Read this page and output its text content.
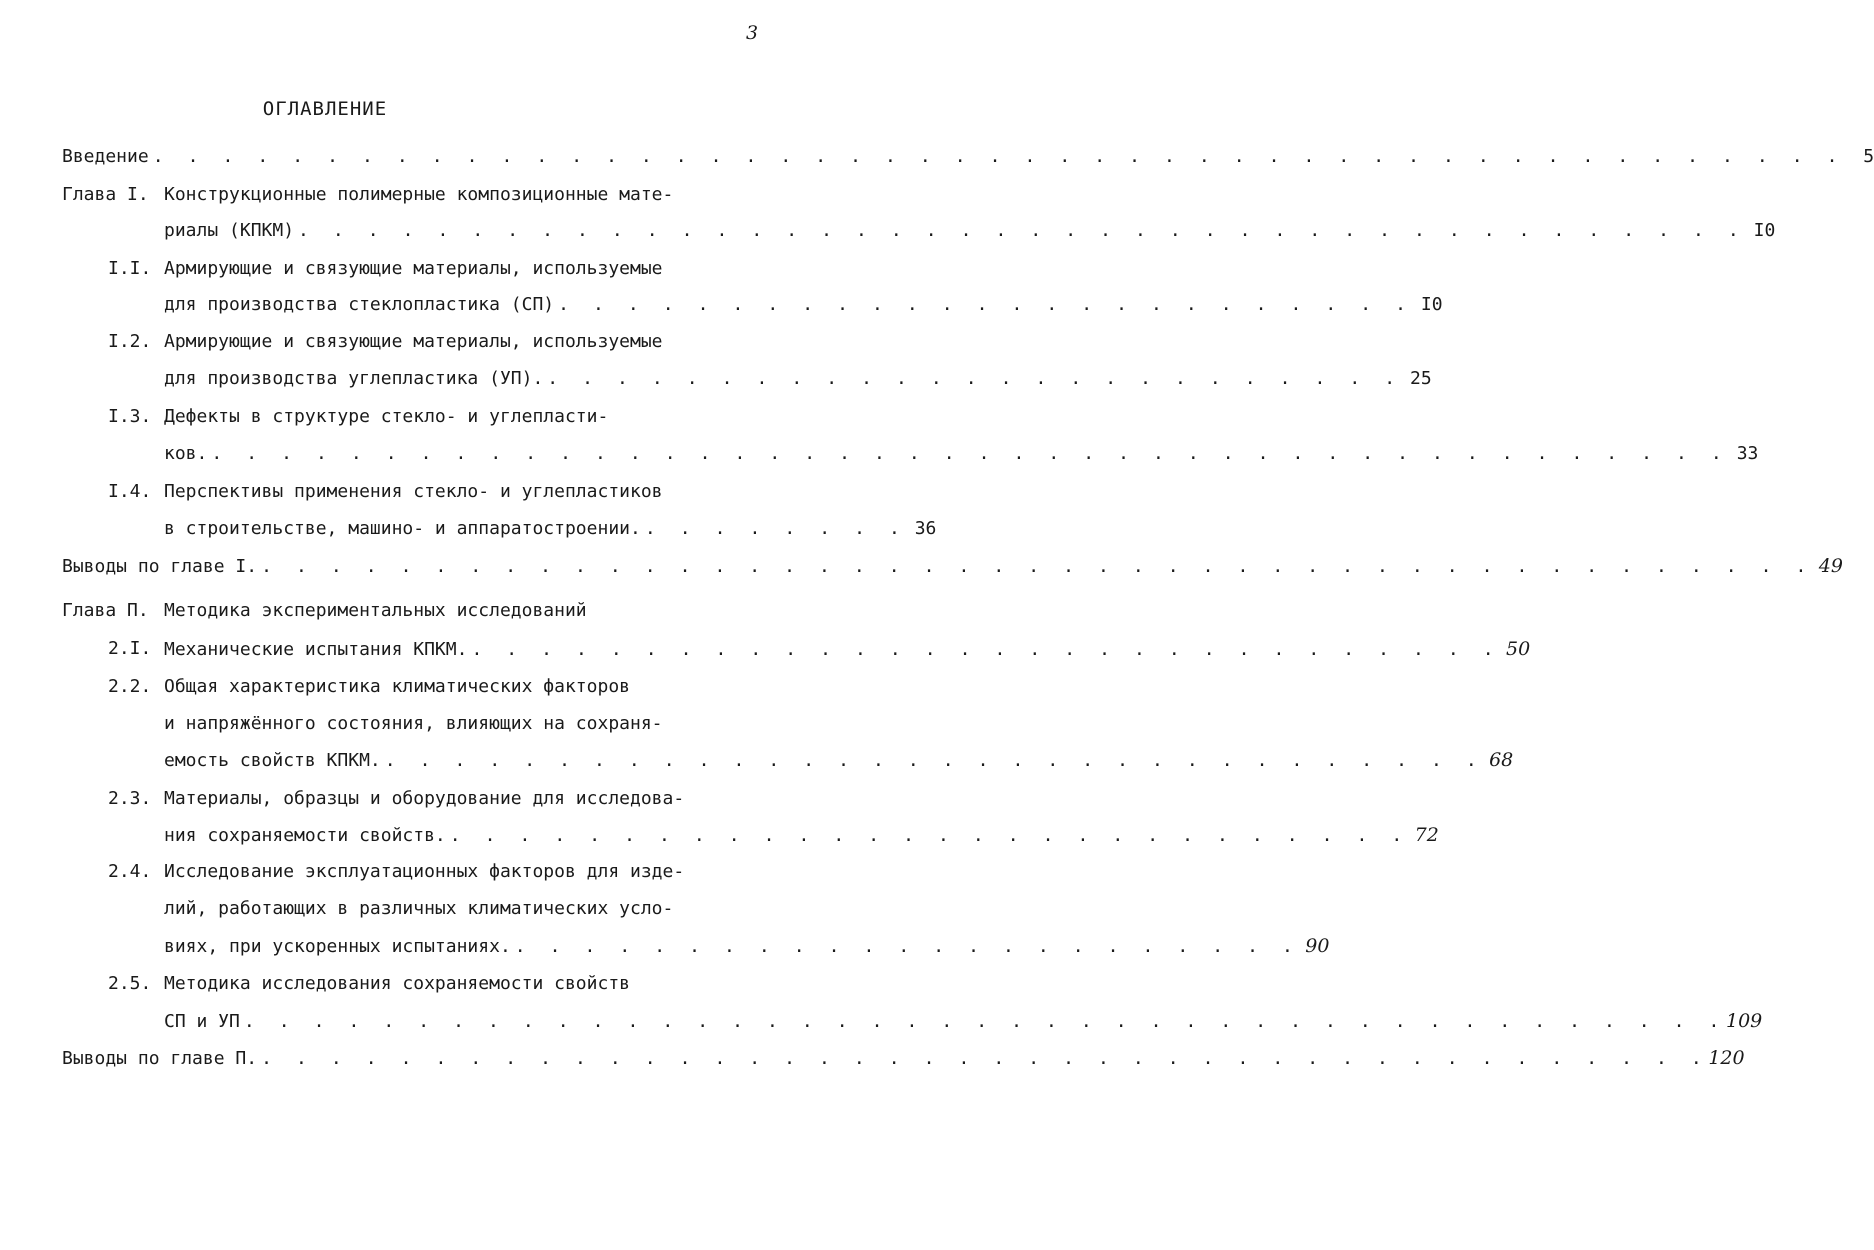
3
ОГЛАВЛЕНИЕ
Введение . . . . . . . . . . . . . . . . . . . . . . . . . . . . . . . . . . . . . . . . . . . . . . . . .	5
Глава I. Конструкционные полимерные композиционные мате-
риалы (КПКМ) . . . . . . . . . . . . . . . . . . . . . . . . . . . . . . . . . . . . . . . . . . I0
I.I. Армирующие и связующие материалы, используемые
для производства стеклопластика (СП) . . . . . . . . . . . . . . . . . . . . . . . . . I0
I.2. Армирующие и связующие материалы, используемые
для производства углепластика (УП). . . . . . . . . . . . . . . . . . . . . . . . . . 25
I.3. Дефекты в структуре стекло- и углепласти-
ков. . . . . . . . . . . . . . . . . . . . . . . . . . . . . . . . . . . . . . . . . . . . . 33
I.4. Перспективы применения стекло- и углепластиков
в строительстве, машино- и аппаратостроении. . . . . . . . . 36
Выводы по главе I. . . . . . . . . . . . . . . . . . . . . . . . . . . . . . . . . . . . . . . . . . . . . . 49
Глава П. Методика экспериментальных исследований
2.I. Механические испытания КПКМ. . . . . . . . . . . . . . . . . . . . . . . . . . . . . . . 50
2.2. Общая характеристика климатических факторов
и напряжённого состояния, влияющих на сохраня-
емость свойств КПКМ. . . . . . . . . . . . . . . . . . . . . . . . . . . . . . . . . 68
2.3. Материалы, образцы и оборудование для исследова-
ния сохраняемости свойств. . . . . . . . . . . . . . . . . . . . . . . . . . . . . 72
2.4. Исследование эксплуатационных факторов для изде-
лий, работающих в различных климатических усло-
виях, при ускоренных испытаниях. . . . . . . . . . . . . . . . . . . . . . . . 90
2.5. Методика исследования сохраняемости свойств
СП и УП . . . . . . . . . . . . . . . . . . . . . . . . . . . . . . . . . . . . . . . . . . . 109
Выводы по главе П. . . . . . . . . . . . . . . . . . . . . . . . . . . . . . . . . . . . . . . . . . . 120
